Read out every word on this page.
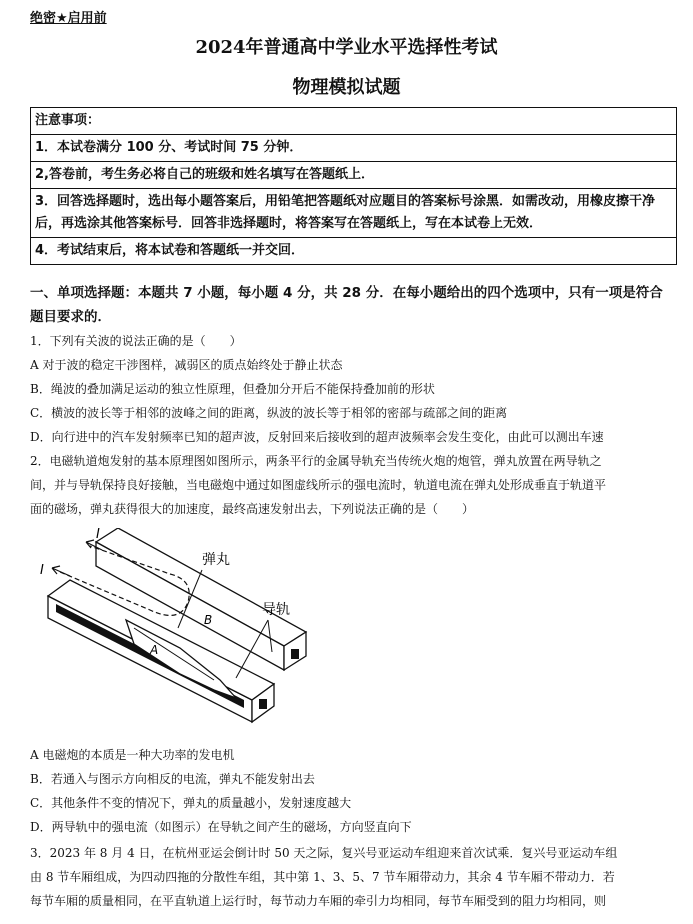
绝密★启用前
2024年普通高中学业水平选择性考试
物理模拟试题
注意事项：
1．本试卷满分 100 分、考试时间 75 分钟．
2,答卷前，考生务必将自己的班级和姓名填写在答题纸上．
3．回答选择题时，选出每小题答案后，用铅笔把答题纸对应题目的答案标号涂黑．如需改动，用橡皮擦干净后，再选涂其他答案标号．回答非选择题时，将答案写在答题纸上，写在本试卷上无效．
4．考试结束后，将本试卷和答题纸一并交回．
一、单项选择题：本题共 7 小题，每小题 4 分，共 28 分．在每小题给出的四个选项中，只有一项是符合题目要求的．
1．下列有关波的说法正确的是（　　）
A 对于波的稳定干涉图样，减弱区的质点始终处于静止状态
B．绳波的叠加满足运动的独立性原理，但叠加分开后不能保持叠加前的形状
C．横波的波长等于相邻的波峰之间的距离，纵波的波长等于相邻的密部与疏部之间的距离
D．向行进中的汽车发射频率已知的超声波，反射回来后接收到的超声波频率会发生变化，由此可以测出车速
2．电磁轨道炮发射的基本原理图如图所示，两条平行的金属导轨充当传统火炮的炮管，弹丸放置在两导轨之
间，并与导轨保持良好接触，当电磁炮中通过如图虚线所示的强电流时，轨道电流在弹丸处形成垂直于轨道平
面的磁场，弹丸获得很大的加速度，最终高速发射出去，下列说法正确的是（　　）
弹丸
导轨
I
I
A
B
A 电磁炮的本质是一种大功率的发电机
B．若通入与图示方向相反的电流，弹丸不能发射出去
C．其他条件不变的情况下，弹丸的质量越小，发射速度越大
D．两导轨中的强电流（如图示）在导轨之间产生的磁场，方向竖直向下
3．2023 年 8 月 4 日，在杭州亚运会倒计时 50 天之际，复兴号亚运动车组迎来首次试乘．复兴号亚运动车组
由 8 节车厢组成，为四动四拖的分散性车组，其中第 1、3、5、7 节车厢带动力，其余 4 节车厢不带动力．若
每节车厢的质量相同，在平直轨道上运行时，每节动力车厢的牵引力均相同，每节车厢受到的阻力均相同，则
